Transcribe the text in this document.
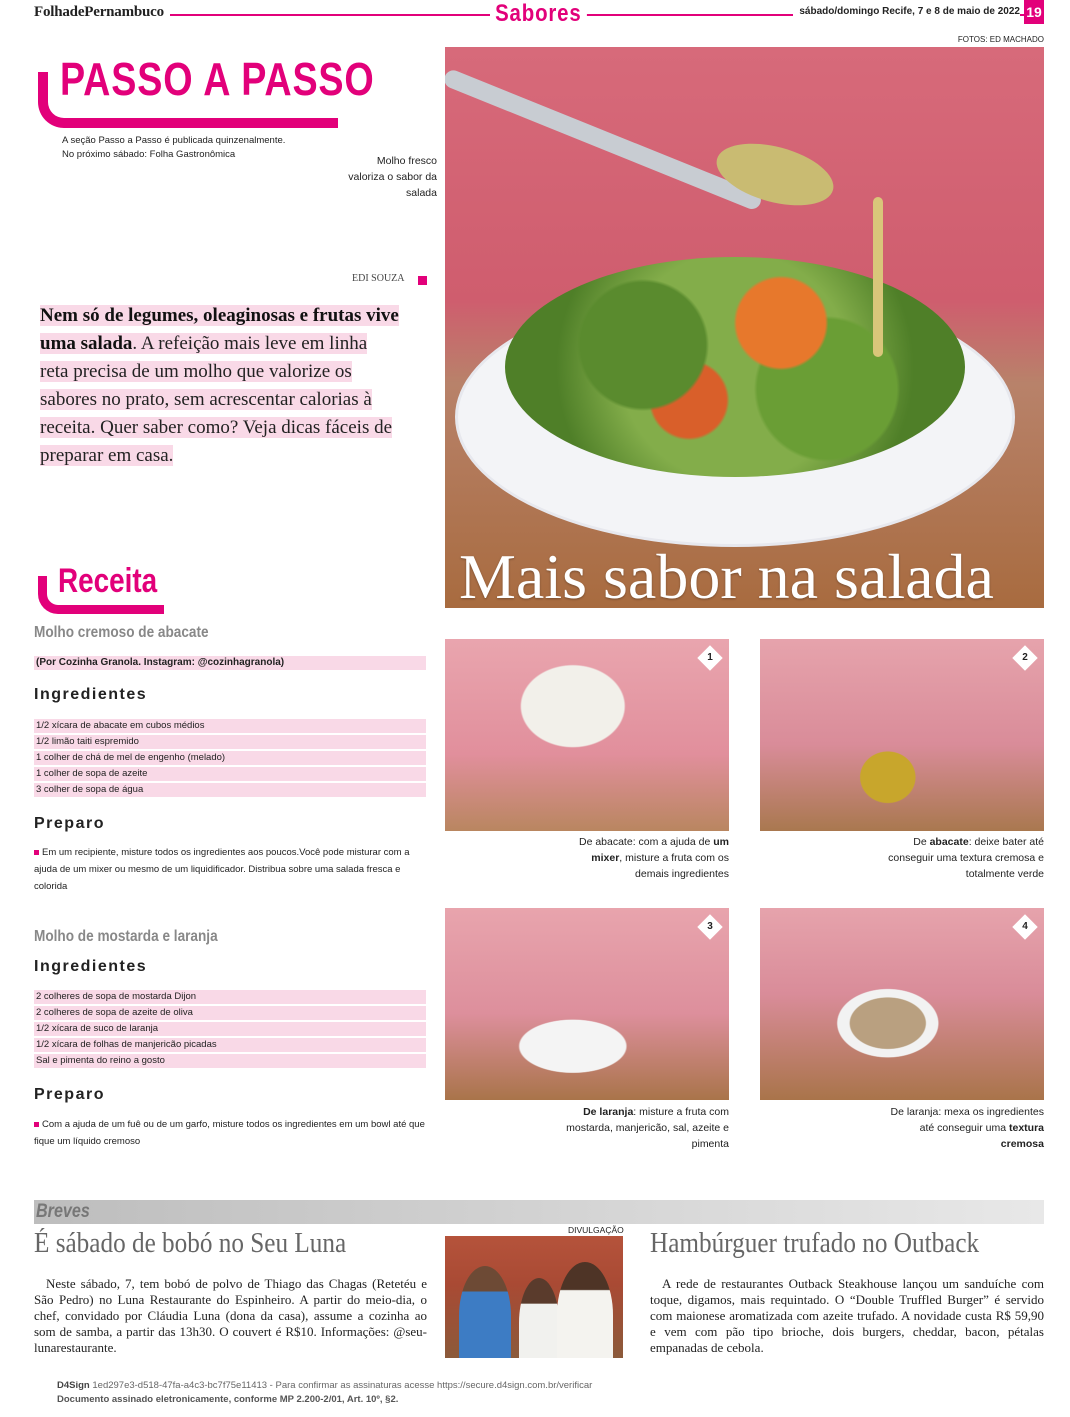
FolhadePernambuco	Sabores	sábado/domingo Recife, 7 e 8 de maio de 2022 19
FOTOS: ED MACHADO
PASSO A PASSO
A seção Passo a Passo é publicada quinzenalmente.
No próximo sábado: Folha Gastronômica
Molho fresco valoriza o sabor da salada
EDI SOUZA
Nem só de legumes, oleaginosas e frutas vive uma salada. A refeição mais leve em linha reta precisa de um molho que valorize os sabores no prato, sem acrescentar calorias à receita. Quer saber como? Veja dicas fáceis de preparar em casa.
Mais sabor na salada
Receita
Molho cremoso de abacate
(Por Cozinha Granola. Instagram: @cozinhagranola)
Ingredientes
1/2 xícara de abacate em cubos médios
1/2 limão taiti espremido
1 colher de chá de mel de engenho (melado)
1 colher de sopa de azeite
3 colher de sopa de água
Preparo
Em um recipiente, misture todos os ingredientes aos poucos.Você pode misturar com a ajuda de um mixer ou mesmo de um liquidificador. Distribua sobre uma salada fresca e colorida
Molho de mostarda e laranja
Ingredientes
2 colheres de sopa de mostarda Dijon
2 colheres de sopa de azeite de oliva
1/2 xícara de suco de laranja
1/2 xícara de folhas de manjericão picadas
Sal e pimenta do reino a gosto
Preparo
Com a ajuda de um fuê ou de um garfo, misture todos os ingredientes em um bowl até que fique um líquido cremoso
1	2
3	4
De abacate: com a ajuda de um mixer, misture a fruta com os demais ingredientes
De abacate: deixe bater até conseguir uma textura cremosa e totalmente verde
De laranja: misture a fruta com mostarda, manjericão, sal, azeite e pimenta
De laranja: mexa os ingredientes até conseguir uma textura cremosa
Breves
É sábado de bobó no Seu Luna
Neste sábado, 7, tem bobó de polvo de Thiago das Chagas (Retetéu e São Pedro) no Luna Restaurante do Espinheiro. A partir do meio-dia, o chef, convidado por Cláudia Luna (dona da casa), assume a cozinha ao som de samba, a partir das 13h30. O couvert é R$10. Informações: @seu-lunarestaurante.
DIVULGAÇÃO Hambúrguer trufado no Outback
A rede de restaurantes Outback Steakhouse lançou um sanduíche com toque, digamos, mais requintado. O “Double Truffled Burger” é servido com maionese aromatizada com azeite trufado. A novidade custa R$ 59,90 e vem com pão tipo brioche, dois burgers, cheddar, bacon, pétalas empanadas de cebola.
D4Sign 1ed297e3-d518-47fa-a4c3-bc7f75e11413 - Para confirmar as assinaturas acesse https://secure.d4sign.com.br/verificar
Documento assinado eletronicamente, conforme MP 2.200-2/01, Art. 10º, §2.
